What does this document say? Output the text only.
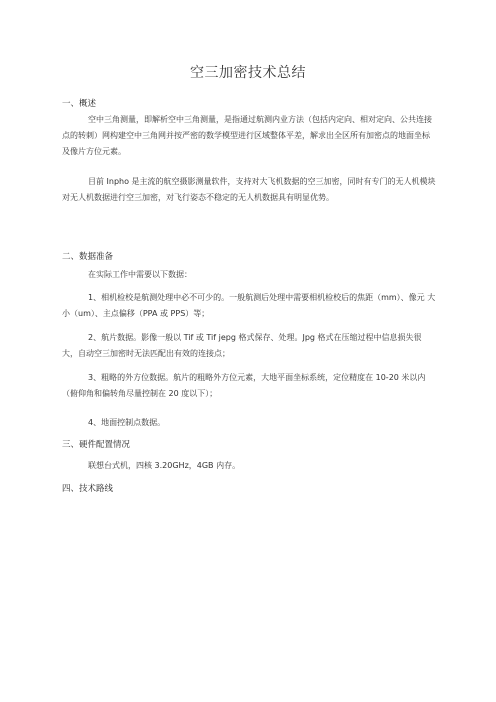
空三加密技术总结
一、概述
空中三角测量，即解析空中三角测量，是指通过航测内业方法（包括内定向、相对定向、公共连接点的转刺）网构建空中三角网并按严密的数学模型进行区域整体平差，解求出全区所有加密点的地面坐标及像片方位元素。
目前 Inpho 是主流的航空摄影测量软件，支持对大飞机数据的空三加密，同时有专门的无人机模块对无人机数据进行空三加密，对飞行姿态不稳定的无人机数据具有明显优势。
二、数据准备
在实际工作中需要以下数据：
1、相机检校是航测处理中必不可少的。一般航测后处理中需要相机检校后的焦距（mm）、像元 大小（um）、主点偏移（PPA 或 PPS）等；
2、航片数据。影像一般以 Tif 或 Tif jepg 格式保存、处理。Jpg 格式在压缩过程中信息损失很大，自动空三加密时无法匹配出有效的连接点；
3、粗略的外方位数据。航片的粗略外方位元素，大地平面坐标系统，定位精度在 10-20 米以内（俯仰角和偏转角尽量控制在 20 度以下）；
4、地面控制点数据。
三、硬件配置情况
联想台式机，四核 3.20GHz，4GB 内存。
四、技术路线
